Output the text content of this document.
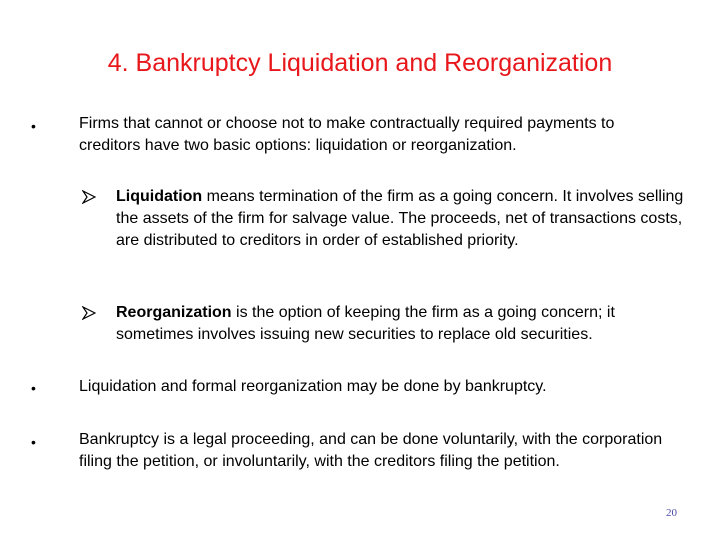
4. Bankruptcy Liquidation and Reorganization
•	Firms that cannot or choose not to make contractually required payments to creditors have two basic options: liquidation or reorganization.

Liquidation means termination of the firm as a going concern. It involves selling the assets of the firm for salvage value. The proceeds, net of transactions costs, are distributed to creditors in order of established priority.

Reorganization is the option of keeping the firm as a going concern; it sometimes involves issuing new securities to replace old securities.

•	Liquidation and formal reorganization may be done by bankruptcy.

•	Bankruptcy is a legal proceeding, and can be done voluntarily, with the corporation filing the petition, or involuntarily, with the creditors filing the petition.

20
